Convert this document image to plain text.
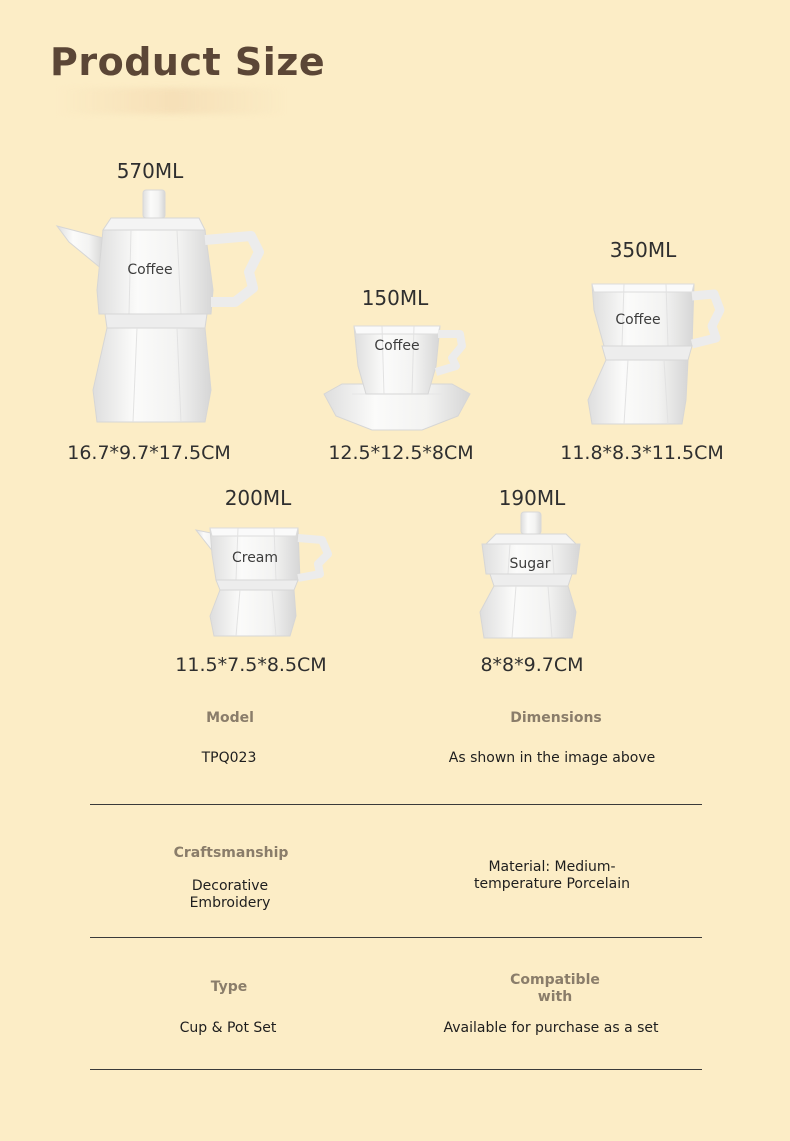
Product Size
570ML
Coffee
16.7*9.7*17.5CM
150ML
Coffee
12.5*12.5*8CM
350ML
Coffee
11.8*8.3*11.5CM
200ML
Cream
11.5*7.5*8.5CM
190ML
Sugar
8*8*9.7CM
Model
TPQ023
Dimensions
As shown in the image above
Craftsmanship
Decorative
Embroidery
Material: Medium-
temperature Porcelain
Type
Cup & Pot Set
Compatible
with
Available for purchase as a set
